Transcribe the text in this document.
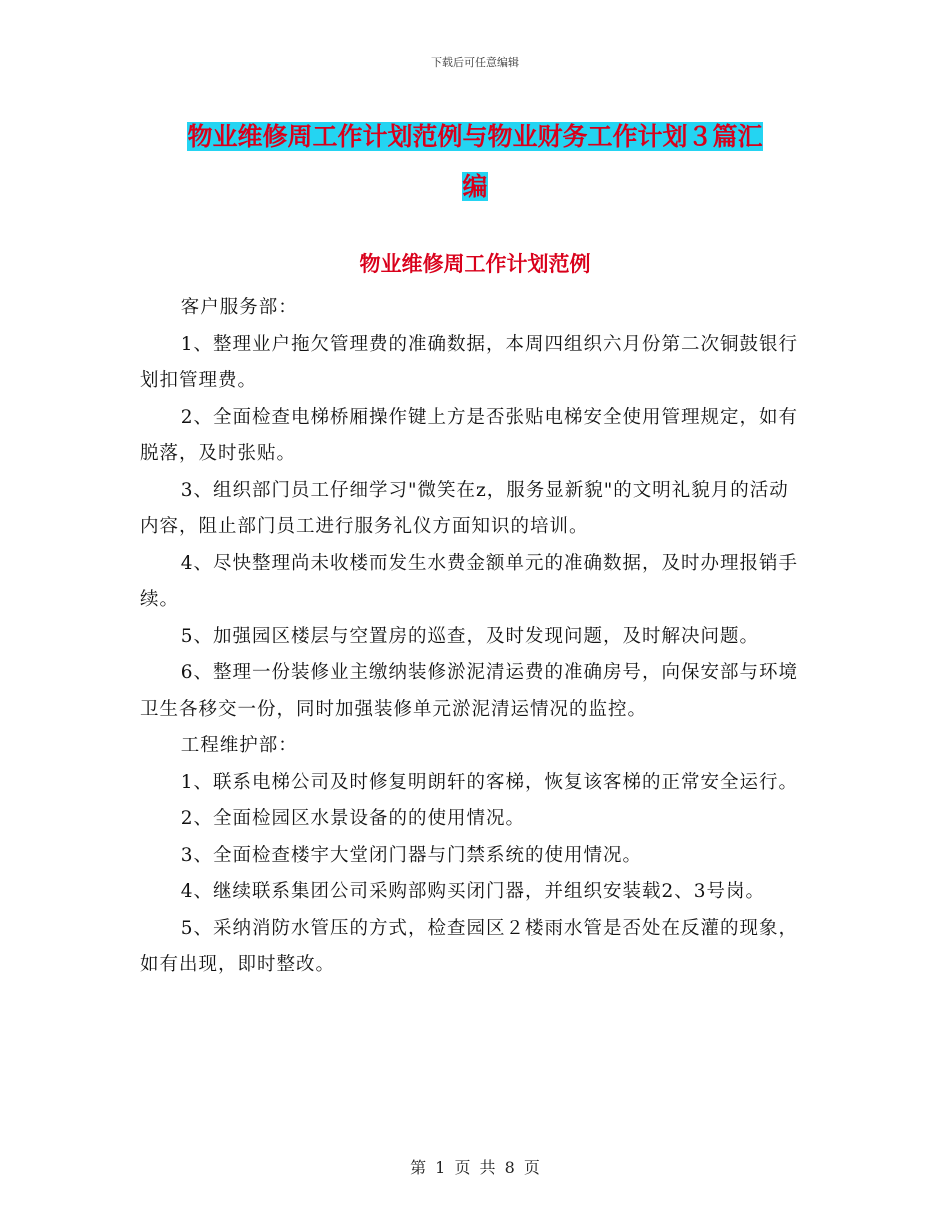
下载后可任意编辑
物业维修周工作计划范例与物业财务工作计划３篇汇
编
物业维修周工作计划范例

客户服务部：

1、整理业户拖欠管理费的准确数据，本周四组织六月份第二次铜鼓银行划扣管理费。

2、全面检查电梯桥厢操作键上方是否张贴电梯安全使用管理规定，如有脱落，及时张贴。

3、组织部门员工仔细学习"微笑在z，服务显新貌"的文明礼貌月的活动内容，阻止部门员工进行服务礼仪方面知识的培训。

4、尽快整理尚未收楼而发生水费金额单元的准确数据，及时办理报销手续。

5、加强园区楼层与空置房的巡查，及时发现问题，及时解决问题。

6、整理一份装修业主缴纳装修淤泥清运费的准确房号，向保安部与环境卫生各移交一份，同时加强装修单元淤泥清运情况的监控。

工程维护部：

1、联系电梯公司及时修复明朗轩的客梯，恢复该客梯的正常安全运行。

2、全面检园区水景设备的的使用情况。

3、全面检查楼宇大堂闭门器与门禁系统的使用情况。

4、继续联系集团公司采购部购买闭门器，并组织安装载2、3号岗。

5、采纳消防水管压的方式，检查园区２楼雨水管是否处在反灌的现象，如有出现，即时整改。

第 1 页 共 8 页
